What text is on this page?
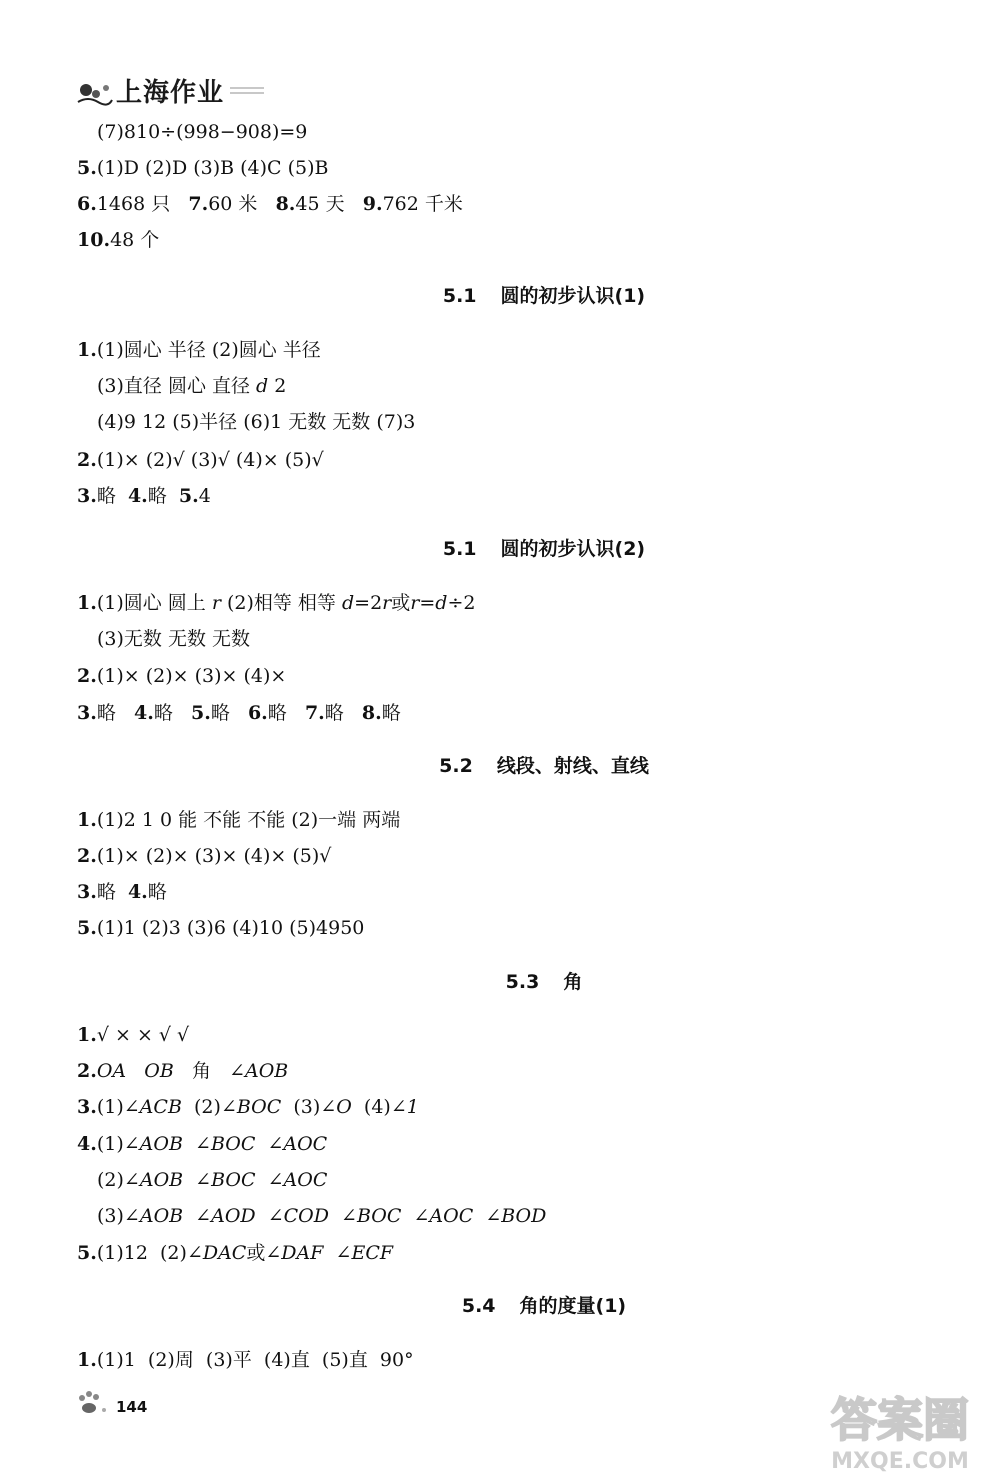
上海作业
(7)810÷(998−908)=9
5.(1)D (2)D (3)B (4)C (5)B
6.1468 只 7.60 米 8.45 天 9.762 千米
10.48 个
5.1 圆的初步认识(1)
1.(1)圆心 半径 (2)圆心 半径
(3)直径 圆心 直径 d 2
(4)9 12 (5)半径 (6)1 无数 无数 (7)3
2.(1)× (2)√ (3)√ (4)× (5)√
3.略 4.略 5.4
5.1 圆的初步认识(2)
1.(1)圆心 圆上 r (2)相等 相等 d=2r或r=d÷2
(3)无数 无数 无数
2.(1)× (2)× (3)× (4)×
3.略 4.略 5.略 6.略 7.略 8.略
5.2 线段、射线、直线
1.(1)2 1 0 能 不能 不能 (2)一端 两端
2.(1)× (2)× (3)× (4)× (5)√
3.略 4.略
5.(1)1 (2)3 (3)6 (4)10 (5)4950
5.3 角
1.√ × × √ √
2.OA OB 角 ∠AOB
3.(1)∠ACB (2)∠BOC (3)∠O (4)∠1
4.(1)∠AOB  ∠BOC  ∠AOC
(2)∠AOB  ∠BOC  ∠AOC
(3)∠AOB  ∠AOD  ∠COD  ∠BOC  ∠AOC  ∠BOD
5.(1)12  (2)∠DAC或∠DAF ∠ECF
5.4 角的度量(1)
1.(1)1  (2)周  (3)平  (4)直  (5)直  90°
144	答案圈
MXQE.COM
